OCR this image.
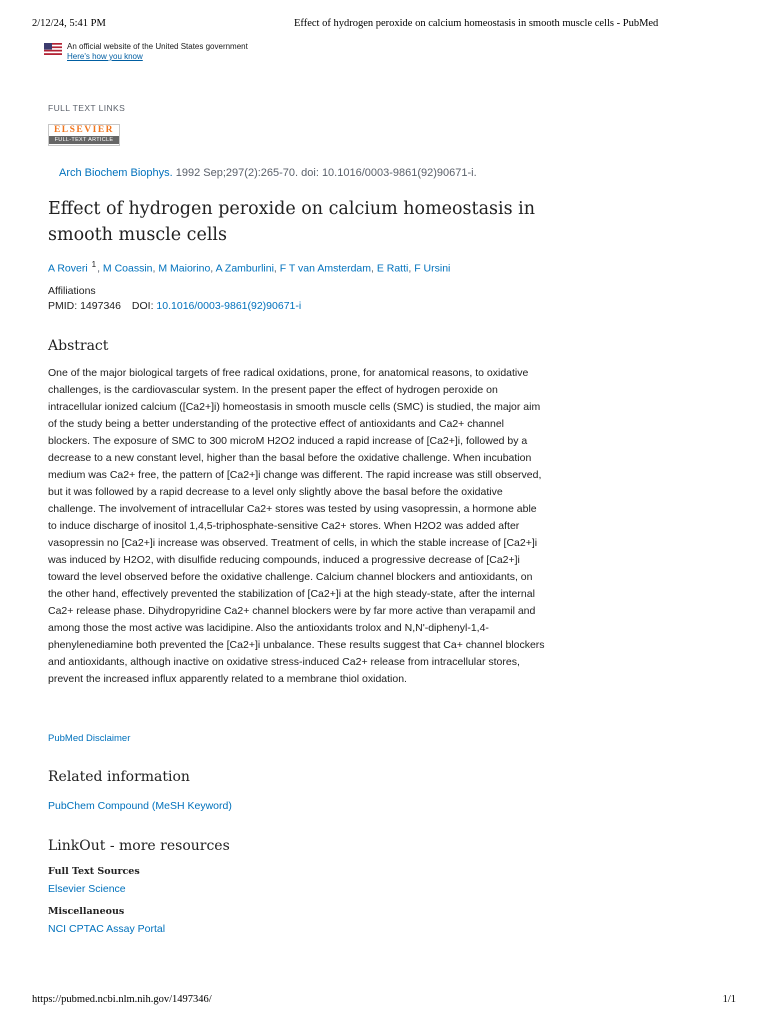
2/12/24, 5:41 PM	Effect of hydrogen peroxide on calcium homeostasis in smooth muscle cells - PubMed
An official website of the United States government
Here's how you know
FULL TEXT LINKS
ELSEVIER
FULL-TEXT ARTICLE
Arch Biochem Biophys. 1992 Sep;297(2):265-70. doi: 10.1016/0003-9861(92)90671-i.
Effect of hydrogen peroxide on calcium homeostasis in smooth muscle cells
A Roveri $^1$, M Coassin, M Maiorino, A Zamburlini, F T van Amsterdam, E Ratti, F Ursini
Affiliations
PMID: 1497346 DOI: 10.1016/0003-9861(92)90671-i
Abstract

One of the major biological targets of free radical oxidations, prone, for anatomical reasons, to oxidative challenges, is the cardiovascular system. In the present paper the effect of hydrogen peroxide on intracellular ionized calcium ([Ca2+]i) homeostasis in smooth muscle cells (SMC) is studied, the major aim of the study being a better understanding of the protective effect of antioxidants and Ca2+ channel blockers. The exposure of SMC to 300 microM H2O2 induced a rapid increase of [Ca2+]i, followed by a decrease to a new constant level, higher than the basal before the oxidative challenge. When incubation medium was Ca2+ free, the pattern of [Ca2+]i change was different. The rapid increase was still observed, but it was followed by a rapid decrease to a level only slightly above the basal before the oxidative challenge. The involvement of intracellular Ca2+ stores was tested by using vasopressin, a hormone able to induce discharge of inositol 1,4,5-triphosphate-sensitive Ca2+ stores. When H2O2 was added after vasopressin no [Ca2+]i increase was observed. Treatment of cells, in which the stable increase of [Ca2+]i was induced by H2O2, with disulfide reducing compounds, induced a progressive decrease of [Ca2+]i toward the level observed before the oxidative challenge. Calcium channel blockers and antioxidants, on the other hand, effectively prevented the stabilization of [Ca2+]i at the high steady-state, after the internal Ca2+ release phase. Dihydropyridine Ca2+ channel blockers were by far more active than verapamil and among those the most active was lacidipine. Also the antioxidants trolox and N,N'-diphenyl-1,4-phenylenediamine both prevented the [Ca2+]i unbalance. These results suggest that Ca+ channel blockers and antioxidants, although inactive on oxidative stress-induced Ca2+ release from intracellular stores, prevent the increased influx apparently related to a membrane thiol oxidation.

PubMed Disclaimer
Related information
PubChem Compound (MeSH Keyword)
LinkOut - more resources
Full Text Sources
Elsevier Science
Miscellaneous
NCI CPTAC Assay Portal
https://pubmed.ncbi.nlm.nih.gov/1497346/	1/1
